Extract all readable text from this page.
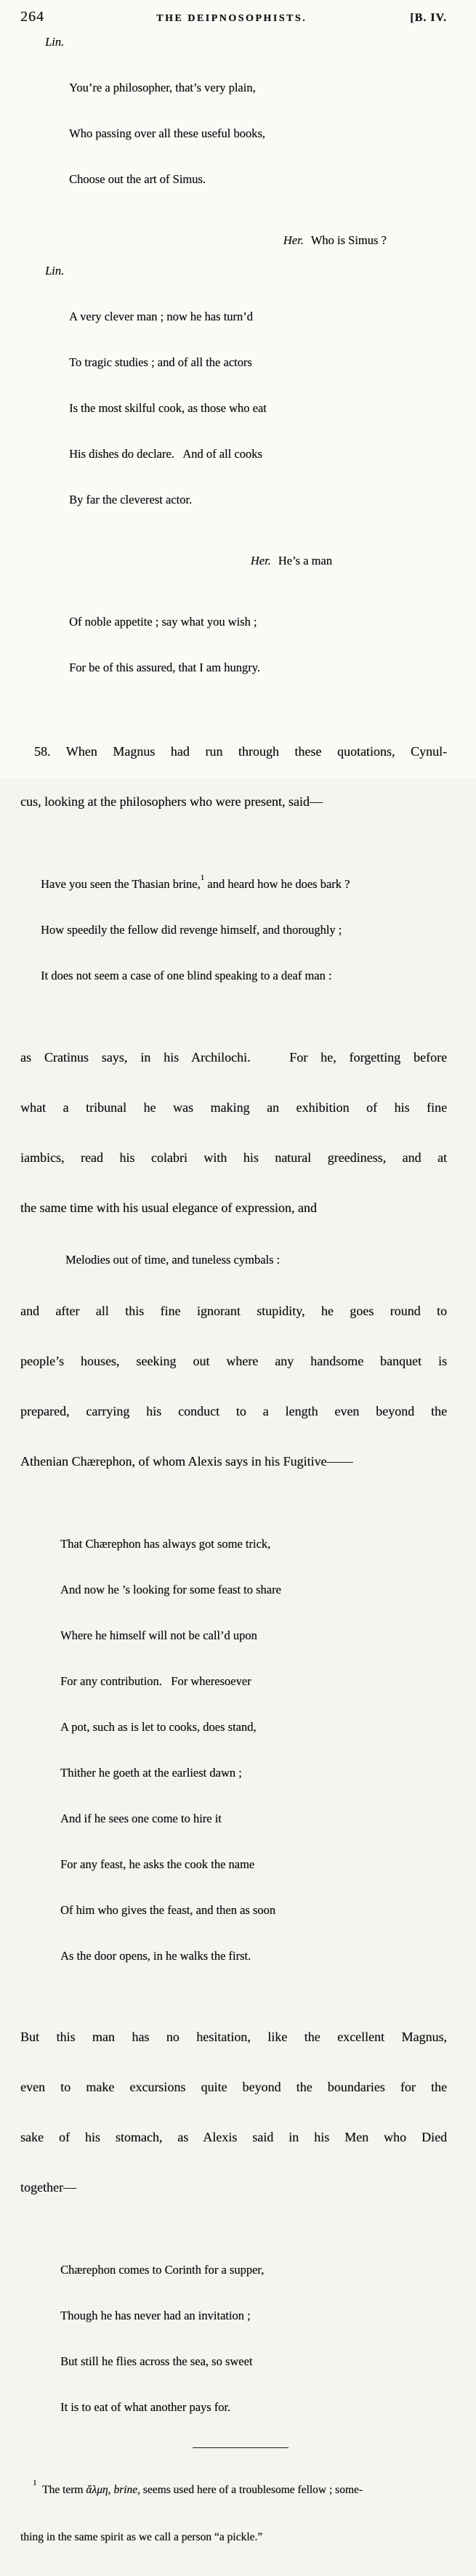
264	THE DEIPNOSOPHISTS.	[B. IV.

Lin.

You’re a philosopher, that’s very plain,

Who passing over all these useful books,

Choose out the art of Simus.

Her. Who is Simus ?

Lin.

A very clever man ; now he has turn’d

To tragic studies ; and of all the actors

Is the most skilful cook, as those who eat

His dishes do declare.   And of all cooks

By far the cleverest actor.

Her. He’s a man

Of noble appetite ; say what you wish ;

For be of this assured, that I am hungry.

58. When Magnus had run through these quotations, Cynul-

cus, looking at the philosophers who were present, said—

Have you seen the Thasian brine,$^1$ and heard how he does bark ?

How speedily the fellow did revenge himself, and thoroughly ;

It does not seem a case of one blind speaking to a deaf man :

as Cratinus says, in his Archilochi.   For he, forgetting before

what a tribunal he was making an exhibition of his fine

iambics, read his colabri with his natural greediness, and at

the same time with his usual elegance of expression, and

Melodies out of time, and tuneless cymbals :

and after all this fine ignorant stupidity, he goes round to

people’s houses, seeking out where any handsome banquet is

prepared, carrying his conduct to a length even beyond the

Athenian Chærephon, of whom Alexis says in his Fugitive——

That Chærephon has always got some trick,

And now he ’s looking for some feast to share

Where he himself will not be call’d upon

For any contribution.   For wheresoever

A pot, such as is let to cooks, does stand,

Thither he goeth at the earliest dawn ;

And if he sees one come to hire it

For any feast, he asks the cook the name

Of him who gives the feast, and then as soon

As the door opens, in he walks the first.

But this man has no hesitation, like the excellent Magnus,

even to make excursions quite beyond the boundaries for the

sake of his stomach, as Alexis said in his Men who Died

together—

Chærephon comes to Corinth for a supper,

Though he has never had an invitation ;

But still he flies across the sea, so sweet

It is to eat of what another pays for.

$^1$  The term ἄλμη, brine, seems used here of a troublesome fellow ; some-

thing in the same spirit as we call a person “a pickle.”
